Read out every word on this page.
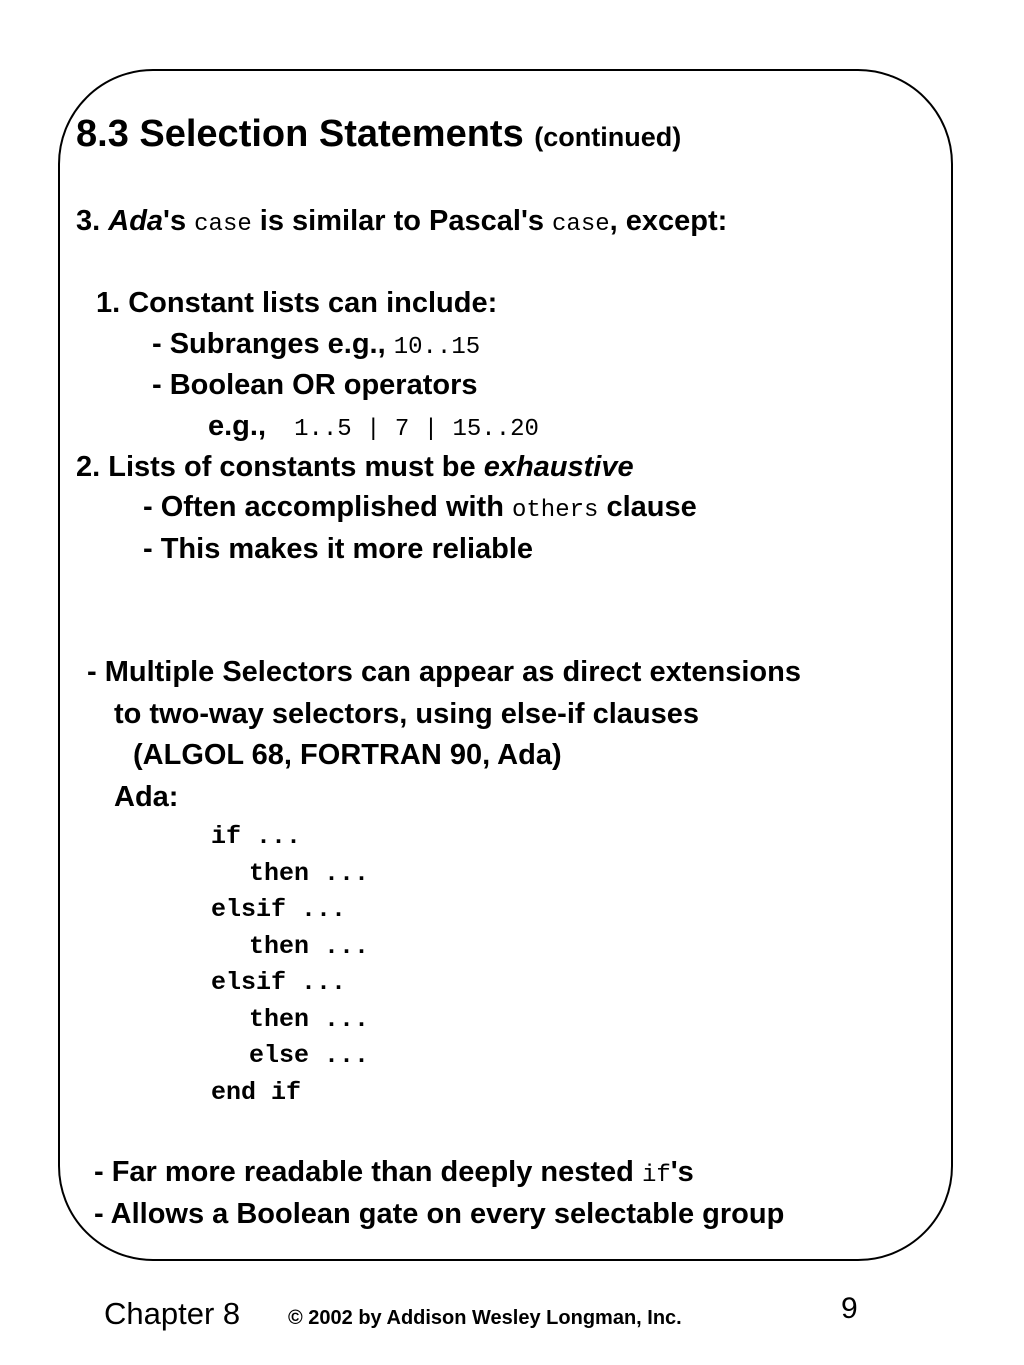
8.3 Selection Statements (continued)
3. Ada's case is similar to Pascal's case, except:
1. Constant lists can include:
- Subranges e.g., 10..15
- Boolean OR operators
e.g., 1..5 | 7 | 15..20
2. Lists of constants must be exhaustive
- Often accomplished with others clause
- This makes it more reliable
- Multiple Selectors can appear as direct extensions
to two-way selectors, using else-if clauses
(ALGOL 68, FORTRAN 90, Ada)
Ada:
if ...
then ...
elsif ...
then ...
elsif ...
then ...
else ...
end if
- Far more readable than deeply nested if's
- Allows a Boolean gate on every selectable group
Chapter 8 © 2002 by Addison Wesley Longman, Inc.	9
